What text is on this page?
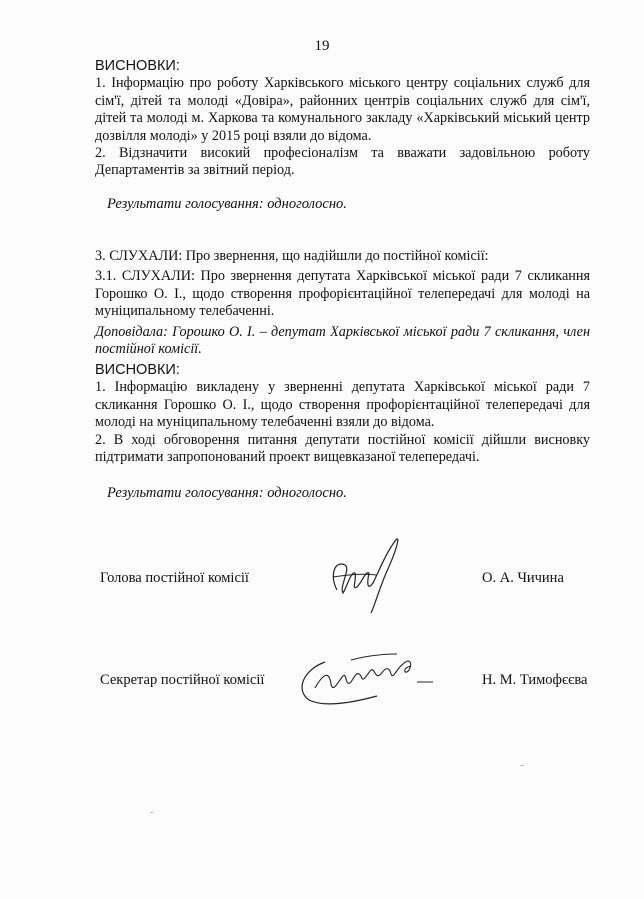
19
ВИСНОВКИ:
1. Інформацію про роботу Харківського міського центру соціальних служб для сім'ї, дітей та молоді «Довіра», районних центрів соціальних служб для сім'ї, дітей та молоді м. Харкова та комунального закладу «Харківський міський центр дозвілля молоді» у 2015 році взяли до відома.
2. Відзначити високий професіоналізм та вважати задовільною роботу Департаментів за звітний період.
Результати голосування: одноголосно.
3. СЛУХАЛИ: Про звернення, що надійшли до постійної комісії:
3.1. СЛУХАЛИ: Про звернення депутата Харківської міської ради 7 скликання Горошко О. І., щодо створення профорієнтаційної телепередачі для молоді на муніципальному телебаченні.
Доповідала: Горошко О. І. – депутат Харківської міської ради 7 скликання, член постійної комісії.
ВИСНОВКИ:
1. Інформацію викладену у зверненні депутата Харківської міської ради 7 скликання Горошко О. І., щодо створення профорієнтаційної телепередачі для молоді на муніципальному телебаченні взяли до відома.
2. В ході обговорення питання депутати постійної комісії дійшли висновку підтримати запропонований проект вищевказаної телепередачі.
Результати голосування: одноголосно.
Голова постійної комісії	О. А. Чичина
Секретар постійної комісії	Н. М. Тимофєєва
